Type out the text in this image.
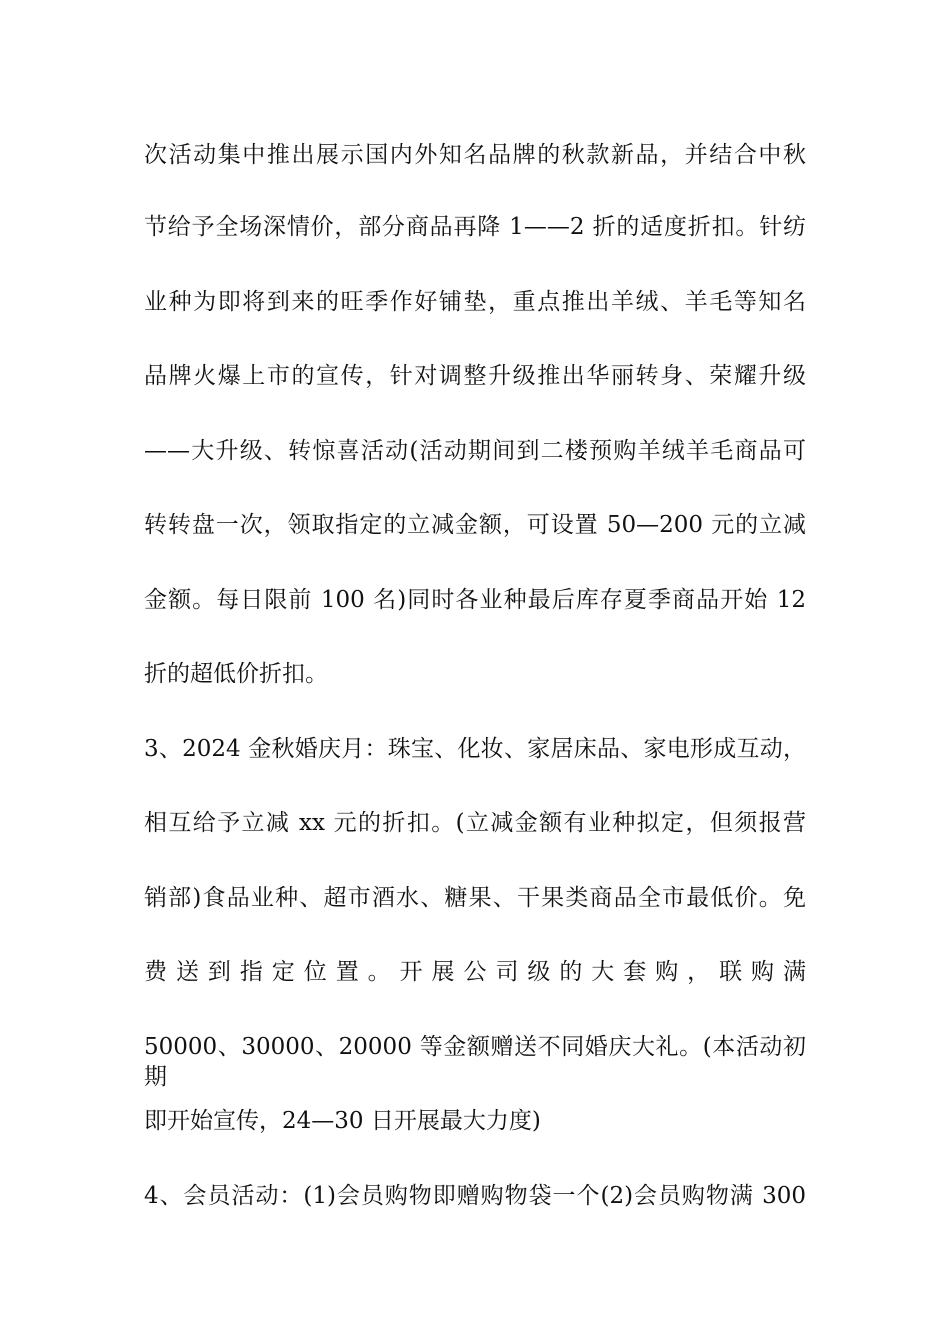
次活动集中推出展示国内外知名品牌的秋款新品，并结合中秋
节给予全场深情价，部分商品再降 1——2 折的适度折扣。针纺
业种为即将到来的旺季作好铺垫，重点推出羊绒、羊毛等知名
品牌火爆上市的宣传，针对调整升级推出华丽转身、荣耀升级
——大升级、转惊喜活动(活动期间到二楼预购羊绒羊毛商品可
转转盘一次，领取指定的立减金额，可设置 50—200 元的立减
金额。每日限前 100 名)同时各业种最后库存夏季商品开始 12
折的超低价折扣。
3、2024 金秋婚庆月：珠宝、化妆、家居床品、家电形成互动，
相互给予立减 xx 元的折扣。(立减金额有业种拟定，但须报营
销部)食品业种、超市酒水、糖果、干果类商品全市最低价。免
费送到指定位置。开展公司级的大套购，联购满
50000、30000、20000 等金额赠送不同婚庆大礼。(本活动初期
即开始宣传，24—30 日开展最大力度)
4、会员活动：(1)会员购物即赠购物袋一个(2)会员购物满 300
